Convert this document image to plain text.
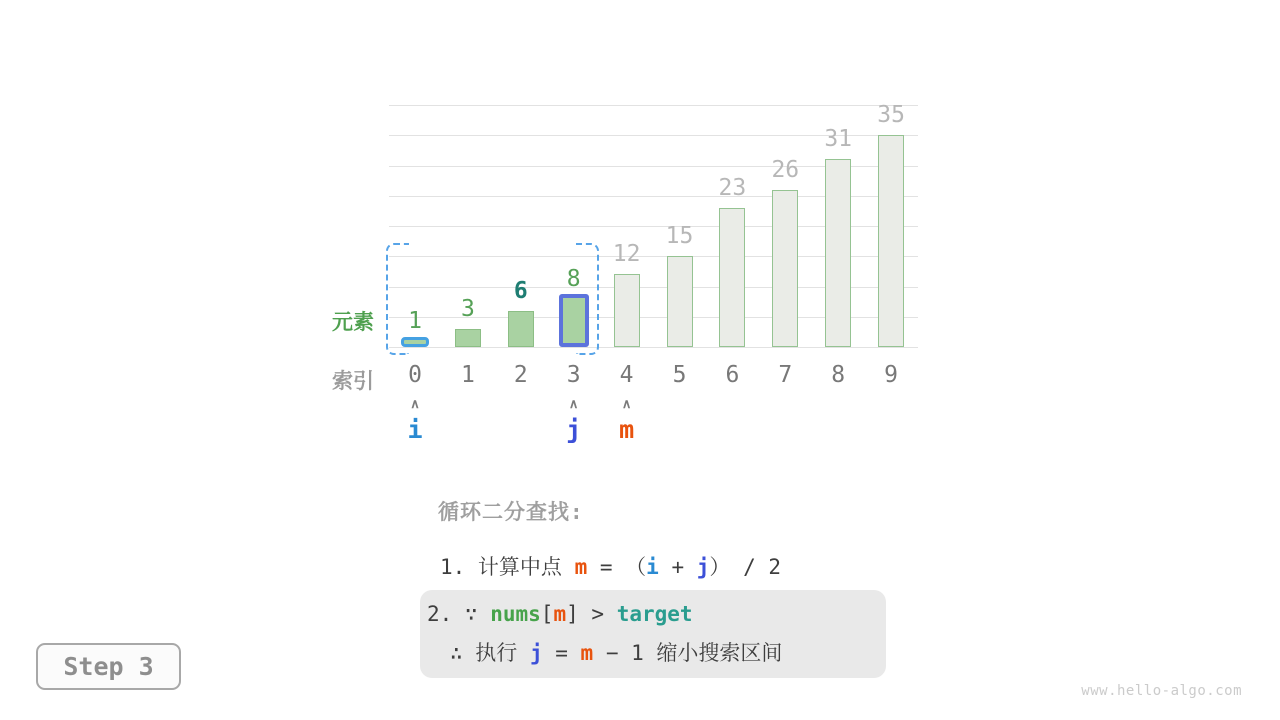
1
0
3
1
6
2
8
3
12
4
15
5
23
6
26
7
31
8
35
9
∧
i
∧
j
∧
m
元素
索引
循环二分查找:
1. 计算中点 m = （i + j） / 2
2. ∵ nums[m] > target
∴ 执行 j = m − 1 缩小搜索区间
Step 3
www.hello-algo.com
